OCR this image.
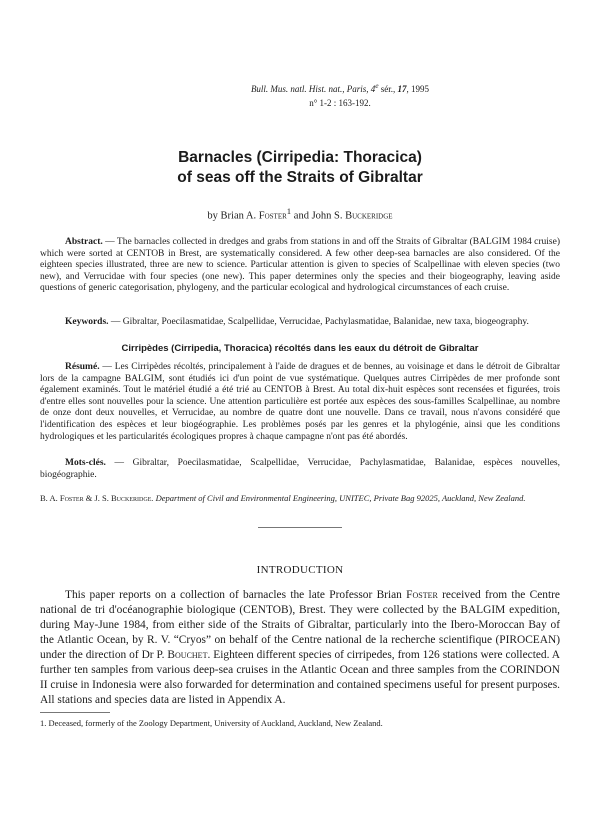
Bull. Mus. natl. Hist. nat., Paris, 4e sér., 17, 1995
n° 1-2 : 163-192.
Barnacles (Cirripedia: Thoracica)
of seas off the Straits of Gibraltar
by Brian A. Foster$^1$ and John S. Buckeridge
Abstract. — The barnacles collected in dredges and grabs from stations in and off the Straits of Gibraltar (BALGIM 1984 cruise) which were sorted at CENTOB in Brest, are systematically considered. A few other deep-sea barnacles are also considered. Of the eighteen species illustrated, three are new to science. Particular attention is given to species of Scalpellinae with eleven species (two new), and Verrucidae with four species (one new). This paper determines only the species and their biogeography, leaving aside questions of generic categorisation, phylogeny, and the particular ecological and hydrological circumstances of each cruise.
Keywords. — Gibraltar, Poecilasmatidae, Scalpellidae, Verrucidae, Pachylasmatidae, Balanidae, new taxa, biogeography.
Cirripèdes (Cirripedia, Thoracica) récoltés dans les eaux du détroit de Gibraltar
Résumé. — Les Cirripèdes récoltés, principalement à l'aide de dragues et de bennes, au voisinage et dans le détroit de Gibraltar lors de la campagne BALGIM, sont étudiés ici d'un point de vue systématique. Quelques autres Cirripèdes de mer profonde sont également examinés. Tout le matériel étudié a été trié au CENTOB à Brest. Au total dix-huit espèces sont recensées et figurées, trois d'entre elles sont nouvelles pour la science. Une attention particulière est portée aux espèces des sous-familles Scalpellinae, au nombre de onze dont deux nouvelles, et Verrucidae, au nombre de quatre dont une nouvelle. Dans ce travail, nous n'avons considéré que l'identification des espèces et leur biogéographie. Les problèmes posés par les genres et la phylogénie, ainsi que les conditions hydrologiques et les particularités écologiques propres à chaque campagne n'ont pas été abordés.
Mots-clés. — Gibraltar, Poecilasmatidae, Scalpellidae, Verrucidae, Pachylasmatidae, Balanidae, espèces nouvelles, biogéographie.
B. A. Foster & J. S. Buckeridge. Department of Civil and Environmental Engineering, UNITEC, Private Bag 92025, Auckland, New Zealand.
INTRODUCTION
This paper reports on a collection of barnacles the late Professor Brian Foster received from the Centre national de tri d'océanographie biologique (CENTOB), Brest. They were collected by the BALGIM expedition, during May-June 1984, from either side of the Straits of Gibraltar, particularly into the Ibero-Moroccan Bay of the Atlantic Ocean, by R. V. “Cryos” on behalf of the Centre national de la recherche scientifique (PIROCEAN) under the direction of Dr P. Bouchet. Eighteen different species of cirripedes, from 126 stations were collected. A further ten samples from various deep-sea cruises in the Atlantic Ocean and three samples from the CORINDON II cruise in Indonesia were also forwarded for determination and contained specimens useful for present purposes. All stations and species data are listed in Appendix A.
1. Deceased, formerly of the Zoology Department, University of Auckland, Auckland, New Zealand.
